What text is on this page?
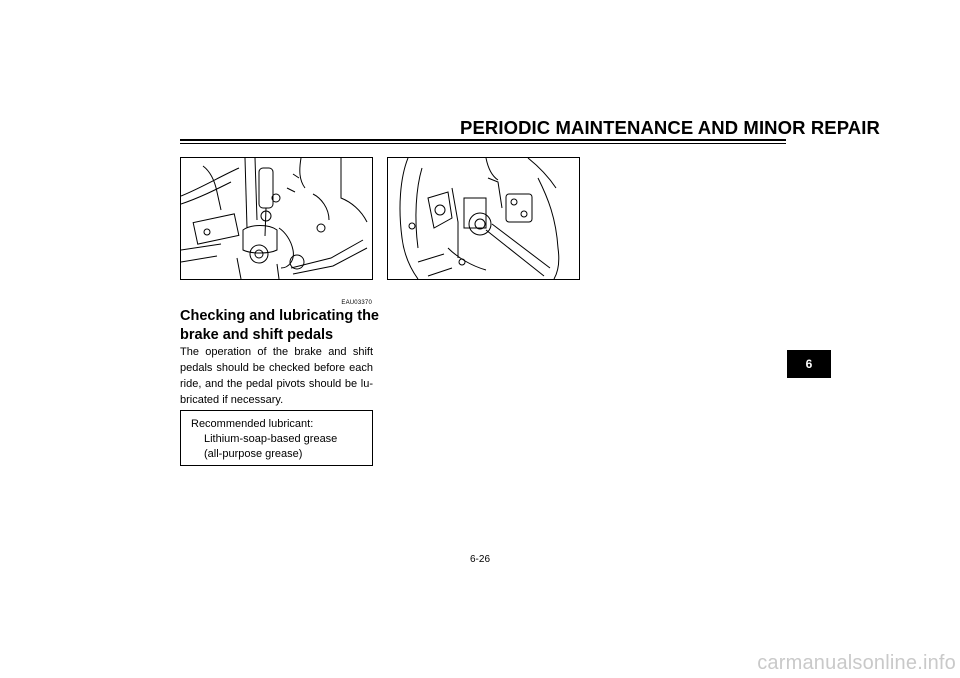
PERIODIC MAINTENANCE AND MINOR REPAIR
EAU03370
Checking and lubricating the brake and shift pedals
The operation of the brake and shift pedals should be checked before each ride, and the pedal pivots should be lu-bricated if necessary.
Recommended lubricant:
Lithium-soap-based grease
(all-purpose grease)
6
6-26
carmanualsonline.info
